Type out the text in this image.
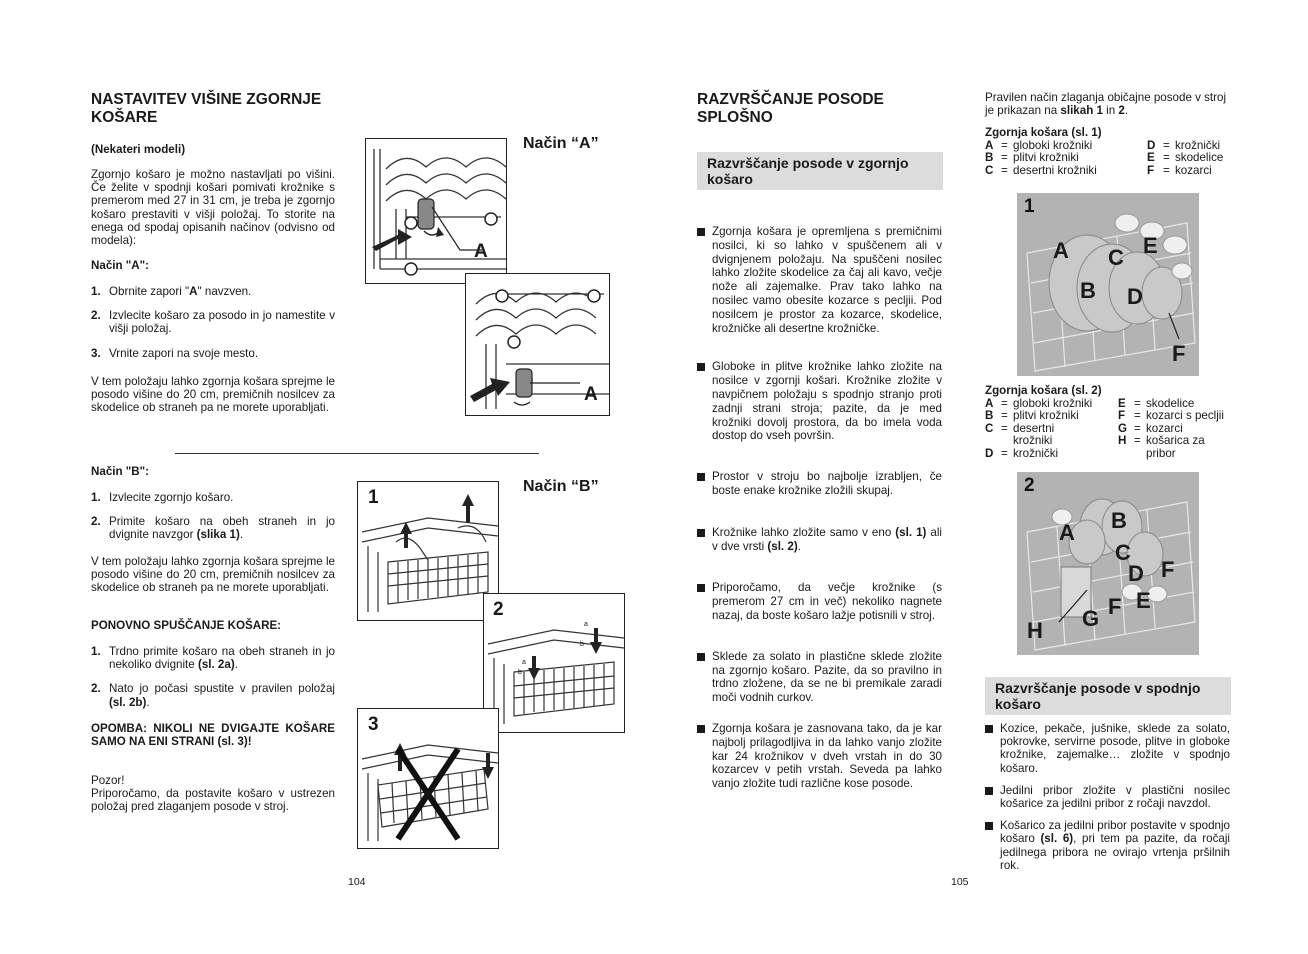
NASTAVITEV VIŠINE ZGORNJE
KOŠARE
(Nekateri modeli)
Zgornjo košaro je možno nastavljati po višini. Če želite v spodnji košari pomivati krožnike s premerom med 27 in 31 cm, je treba je zgornjo košaro prestaviti v višji položaj. To storite na enega od spodaj opisanih načinov (odvisno od modela):
Način "A":
1. Obrnite zapori "A" navzven.
2. Izvlecite košaro za posodo in jo namestite v višji položaj.
3. Vrnite zapori na svoje mesto.
V tem položaju lahko zgornja košara sprejme le posodo višine do 20 cm, premičnih nosilcev za skodelice ob straneh pa ne morete uporabljati.
Način "B":
1. Izvlecite zgornjo košaro.
2. Primite košaro na obeh straneh in jo dvignite navzgor (slika 1).
V tem položaju lahko zgornja košara sprejme le posodo višine do 20 cm, premičnih nosilcev za skodelice ob straneh pa ne morete uporabljati.
PONOVNO SPUŠČANJE KOŠARE:
1. Trdno primite košaro na obeh straneh in jo nekoliko dvignite (sl. 2a).
2. Nato jo počasi spustite v pravilen položaj (sl. 2b).
OPOMBA: NIKOLI NE DVIGAJTE KOŠARE SAMO NA ENI STRANI (sl. 3)!
Pozor!
Priporočamo, da postavite košaro v ustrezen položaj pred zlaganjem posode v stroj.
Način “A”
A
A
Način “B”
1
a
b
a
b
2
3
104
RAZVRŠČANJE POSODE
SPLOŠNO
Razvrščanje posode v zgornjo košaro
Zgornja košara je opremljena s premičnimi nosilci, ki so lahko v spuščenem ali v dvignjenem položaju. Na spuščeni nosilec lahko zložite skodelice za čaj ali kavo, večje nože ali zajemalke. Prav tako lahko na nosilec vamo obesite kozarce s pecljii. Pod nosilcem je prostor za kozarce, skodelice, krožničke ali desertne krožničke.
Globoke in plitve krožnike lahko zložite na nosilce v zgornji košari. Krožnike zložite v navpičnem položaju s spodnjo stranjo proti zadnji strani stroja; pazite, da je med krožniki dovolj prostora, da bo imela voda dostop do vseh površin.
Prostor v stroju bo najbolje izrabljen, če boste enake krožnike zložili skupaj.
Krožnike lahko zložite samo v eno (sl. 1) ali v dve vrsti (sl. 2).
Priporočamo, da večje krožnike (s premerom 27 cm in več) nekoliko nagnete nazaj, da boste košaro lažje potisnili v stroj.
Sklede za solato in plastične sklede zložite na zgornjo košaro. Pazite, da so pravilno in trdno zložene, da se ne bi premikale zaradi moči vodnih curkov.
Zgornja košara je zasnovana tako, da je kar najbolj prilagodljiva in da lahko vanjo zložite kar 24 krožnikov v dveh vrstah in do 30 kozarcev v petih vrstah. Seveda pa lahko vanjo zložite tudi različne kose posode.
Pravilen način zlaganja običajne posode v stroj je prikazan na slikah 1 in 2.
Zgornja košara (sl. 1)
A = globoki krožniki
B = plitvi krožniki
C = desertni krožniki
D = krožnički
E = skodelice
F = kozarci
1
A C E
B D
F
Zgornja košara (sl. 2)
A = globoki krožniki
B = plitvi krožniki
C = desertni
krožniki
D = krožnički
E = skodelice
F = kozarci s pecljii
G = kozarci
H = košarica za
pribor
2
A B
C
D F
E
F
G
H
Razvrščanje posode v spodnjo košaro
Kozice, pekače, jušnike, sklede za solato, pokrovke, servirne posode, plitve in globoke krožnike, zajemalke… zložite v spodnjo košaro.
Jedilni pribor zložite v plastični nosilec košarice za jedilni pribor z ročaji navzdol.
Košarico za jedilni pribor postavite v spodnjo košaro (sl. 6), pri tem pa pazite, da ročaji jedilnega pribora ne ovirajo vrtenja pršilnih rok.
105
